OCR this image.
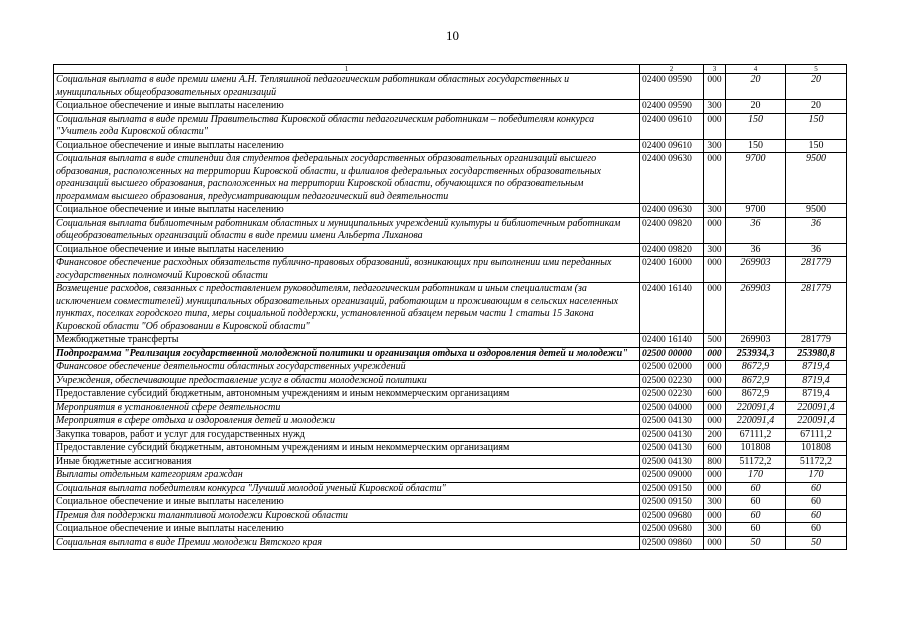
10
1	2	3	4	5
Социальная выплата в виде премии имени А.Н. Тепляшиной педагогическим работникам областных государственных и муниципальных общеобразовательных организаций	02400 09590	000	20	20
Социальное обеспечение и иные выплаты населению	02400 09590	300	20	20
Социальная выплата в виде премии Правительства Кировской области педагогическим работникам – победителям конкурса "Учитель года Кировской области"	02400 09610	000	150	150
Социальное обеспечение и иные выплаты населению	02400 09610	300	150	150
Социальная выплата в виде стипендии для студентов федеральных государственных образовательных организаций высшего образования, расположенных на территории Кировской области, и филиалов федеральных государственных образовательных организаций высшего образования, расположенных на территории Кировской области, обучающихся по образовательным программам высшего образования, предусматривающим педагогический вид деятельности	02400 09630	000	9700	9500
Социальное обеспечение и иные выплаты населению	02400 09630	300	9700	9500
Социальная выплата библиотечным работникам областных и муниципальных учреждений культуры и библиотечным работникам общеобразовательных организаций области в виде премии имени Альберта Лиханова	02400 09820	000	36	36
Социальное обеспечение и иные выплаты населению	02400 09820	300	36	36
Финансовое обеспечение расходных обязательств публично-правовых образований, возникающих при выполнении ими переданных государственных полномочий Кировской области	02400 16000	000	269903	281779
Возмещение расходов, связанных с предоставлением руководителям, педагогическим работникам и иным специалистам (за исключением совместителей) муниципальных образовательных организаций, работающим и проживающим в сельских населенных пунктах, поселках городского типа, меры социальной поддержки, установленной абзацем первым части 1 статьи 15 Закона Кировской области "Об образовании в Кировской области"	02400 16140	000	269903	281779
Межбюджетные трансферты	02400 16140	500	269903	281779
Подпрограмма "Реализация государственной молодежной политики и организация отдыха и оздоровления детей и молодежи"	02500 00000	000	253934,3	253980,8
Финансовое обеспечение деятельности областных государственных учреждений	02500 02000	000	8672,9	8719,4
Учреждения, обеспечивающие предоставление услуг в области молодежной политики	02500 02230	000	8672,9	8719,4
Предоставление субсидий бюджетным, автономным учреждениям и иным некоммерческим организациям	02500 02230	600	8672,9	8719,4
Мероприятия в установленной сфере деятельности	02500 04000	000	220091,4	220091,4
Мероприятия в сфере отдыха и оздоровления детей и молодежи	02500 04130	000	220091,4	220091,4
Закупка товаров, работ и услуг для государственных нужд	02500 04130	200	67111,2	67111,2
Предоставление субсидий бюджетным, автономным учреждениям и иным некоммерческим организациям	02500 04130	600	101808	101808
Иные бюджетные ассигнования	02500 04130	800	51172,2	51172,2
Выплаты отдельным категориям граждан	02500 09000	000	170	170
Социальная выплата победителям конкурса "Лучший молодой ученый Кировской области"	02500 09150	000	60	60
Социальное обеспечение и иные выплаты населению	02500 09150	300	60	60
Премия для поддержки талантливой молодежи Кировской области	02500 09680	000	60	60
Социальное обеспечение и иные выплаты населению	02500 09680	300	60	60
Социальная выплата в виде Премии молодежи Вятского края	02500 09860	000	50	50
